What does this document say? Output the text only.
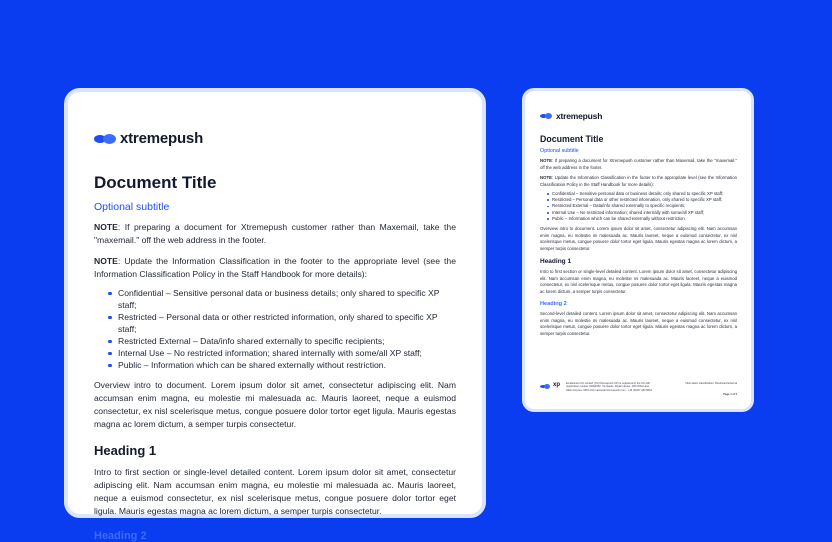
xtremepush
Document Title

Optional subtitle

NOTE: If preparing a document for Xtremepush customer rather than Maxemail, take the "maxemail." off the web address in the footer.

NOTE: Update the Information Classification in the footer to the appropriate level (see the Information Classification Policy in the Staff Handbook for more details):

Confidential – Sensitive personal data or business details; only shared to specific XP staff;
Restricted – Personal data or other restricted information, only shared to specific XP staff;
Restricted External – Data/info shared externally to specific recipients;
Internal Use – No restricted information; shared internally with some/all XP staff;
Public – Information which can be shared externally without restriction.

Overview intro to document. Lorem ipsum dolor sit amet, consectetur adipiscing elit. Nam accumsan enim magna, eu molestie mi malesuada ac. Mauris laoreet, neque a euismod consectetur, ex nisl scelerisque metus, congue posuere dolor tortor eget ligula. Mauris egestas magna ac lorem dictum, a semper turpis consectetur.

Heading 1

Intro to first section or single-level detailed content. Lorem ipsum dolor sit amet, consectetur adipiscing elit. Nam accumsan enim magna, eu molestie mi malesuada ac. Mauris laoreet, neque a euismod consectetur, ex nisl scelerisque metus, congue posuere dolor tortor eget ligula. Mauris egestas magna ac lorem dictum, a semper turpis consectetur.

Heading 2
xtremepush
Document Title

Optional subtitle

NOTE: If preparing a document for Xtremepush customer rather than Maxemail, take the "maxemail." off the web address in the footer.

NOTE: Update the Information Classification in the footer to the appropriate level (see the Information Classification Policy in the Staff Handbook for more details):

Confidential – Sensitive personal data or business details; only shared to specific XP staff;
Restricted – Personal data or other restricted information, only shared to specific XP staff;
Restricted External – Data/info shared externally to specific recipients;
Internal Use – No restricted information; shared internally with some/all XP staff;
Public – Information which can be shared externally without restriction.

Overview intro to document. Lorem ipsum dolor sit amet, consectetur adipiscing elit. Nam accumsan enim magna, eu molestie mi malesuada ac. Mauris laoreet, neque a euismod consectetur, ex nisl scelerisque metus, congue posuere dolor tortor eget ligula. Mauris egestas magna ac lorem dictum, a semper turpis consectetur.

Heading 1

Intro to first section or single-level detailed content. Lorem ipsum dolor sit amet, consectetur adipiscing elit. Nam accumsan enim magna, eu molestie mi malesuada ac. Mauris laoreet, neque a euismod consectetur, ex nisl scelerisque metus, congue posuere dolor tortor eget ligula. Mauris egestas magna ac lorem dictum, a semper turpis consectetur.

Heading 2

Second-level detailed content. Lorem ipsum dolor sit amet, consectetur adipiscing elit. Nam accumsan enim magna, eu molestie mi malesuada ac. Mauris laoreet, neque a euismod consectetur, ex nisl scelerisque metus, congue posuere dolor tortor eget ligula. Mauris egestas magna ac lorem dictum, a semper turpis consectetur.

xp Emailcenter UK Limited (T/A Xtremepush UK) is registered in the UK with registration number 04494052. Co-Space, Ryder House, 10th Whit Lane, Hilton Keynes, MK9 2JA maxemail.xtremepush.com · +44 (0)207 183 5661
Information classification: Restricted External
Page 1 of 3
